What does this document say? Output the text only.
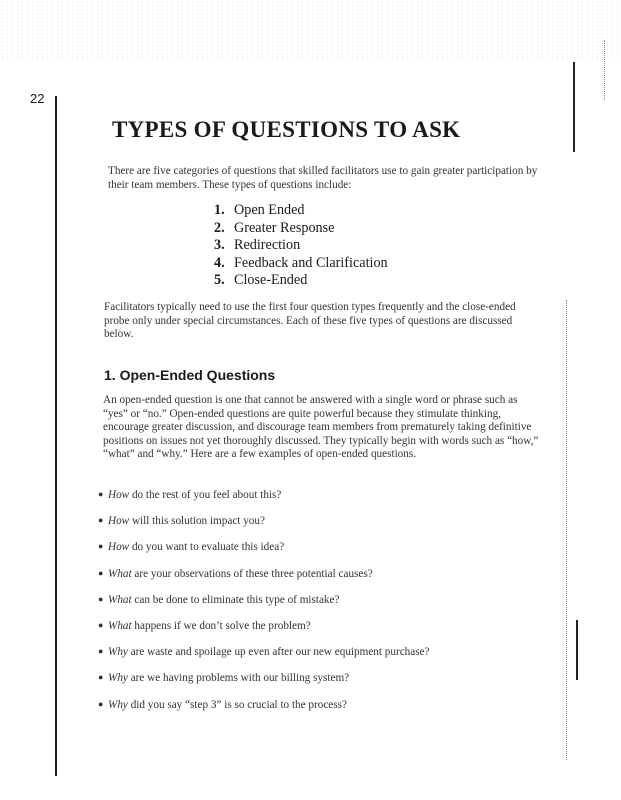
22
TYPES OF QUESTIONS TO ASK

There are five categories of questions that skilled facilitators use to gain greater participation by their team members. These types of questions include:

1. Open Ended
2. Greater Response
3. Redirection
4. Feedback and Clarification
5. Close-Ended

Facilitators typically need to use the first four question types frequently and the close-ended probe only under special circumstances. Each of these five types of questions are discussed below.

1. Open-Ended Questions

An open-ended question is one that cannot be answered with a single word or phrase such as “yes” or “no.” Open-ended questions are quite powerful because they stimulate thinking, encourage greater discussion, and discourage team members from prematurely taking definitive positions on issues not yet thoroughly discussed. They typically begin with words such as “how,” “what” and “why.” Here are a few examples of open-ended questions.

● How do the rest of you feel about this?
● How will this solution impact you?
● How do you want to evaluate this idea?
● What are your observations of these three potential causes?
● What can be done to eliminate this type of mistake?
● What happens if we don’t solve the problem?
● Why are waste and spoilage up even after our new equipment purchase?
● Why are we having problems with our billing system?
● Why did you say “step 3” is so crucial to the process?
